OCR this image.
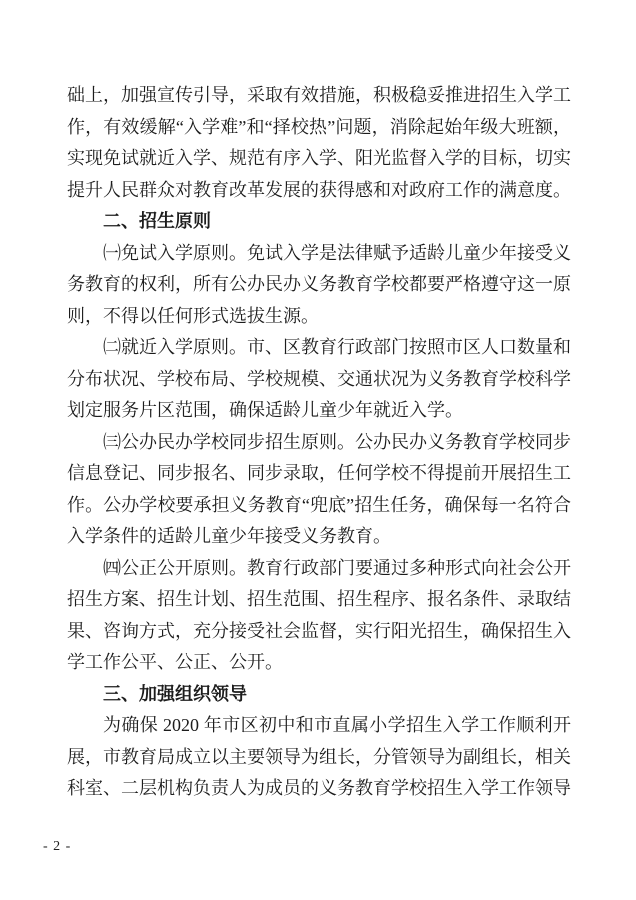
础上，加强宣传引导，采取有效措施，积极稳妥推进招生入学工作，有效缓解“入学难”和“择校热”问题，消除起始年级大班额，实现免试就近入学、规范有序入学、阳光监督入学的目标，切实提升人民群众对教育改革发展的获得感和对政府工作的满意度。

二、招生原则

㈠免试入学原则。免试入学是法律赋予适龄儿童少年接受义务教育的权利，所有公办民办义务教育学校都要严格遵守这一原则，不得以任何形式选拔生源。

㈡就近入学原则。市、区教育行政部门按照市区人口数量和分布状况、学校布局、学校规模、交通状况为义务教育学校科学划定服务片区范围，确保适龄儿童少年就近入学。

㈢公办民办学校同步招生原则。公办民办义务教育学校同步信息登记、同步报名、同步录取，任何学校不得提前开展招生工作。公办学校要承担义务教育“兜底”招生任务，确保每一名符合入学条件的适龄儿童少年接受义务教育。

㈣公正公开原则。教育行政部门要通过多种形式向社会公开招生方案、招生计划、招生范围、招生程序、报名条件、录取结果、咨询方式，充分接受社会监督，实行阳光招生，确保招生入学工作公平、公正、公开。

三、加强组织领导

为确保 2020 年市区初中和市直属小学招生入学工作顺利开展，市教育局成立以主要领导为组长，分管领导为副组长，相关科室、二层机构负责人为成员的义务教育学校招生入学工作领导

- 2 -
